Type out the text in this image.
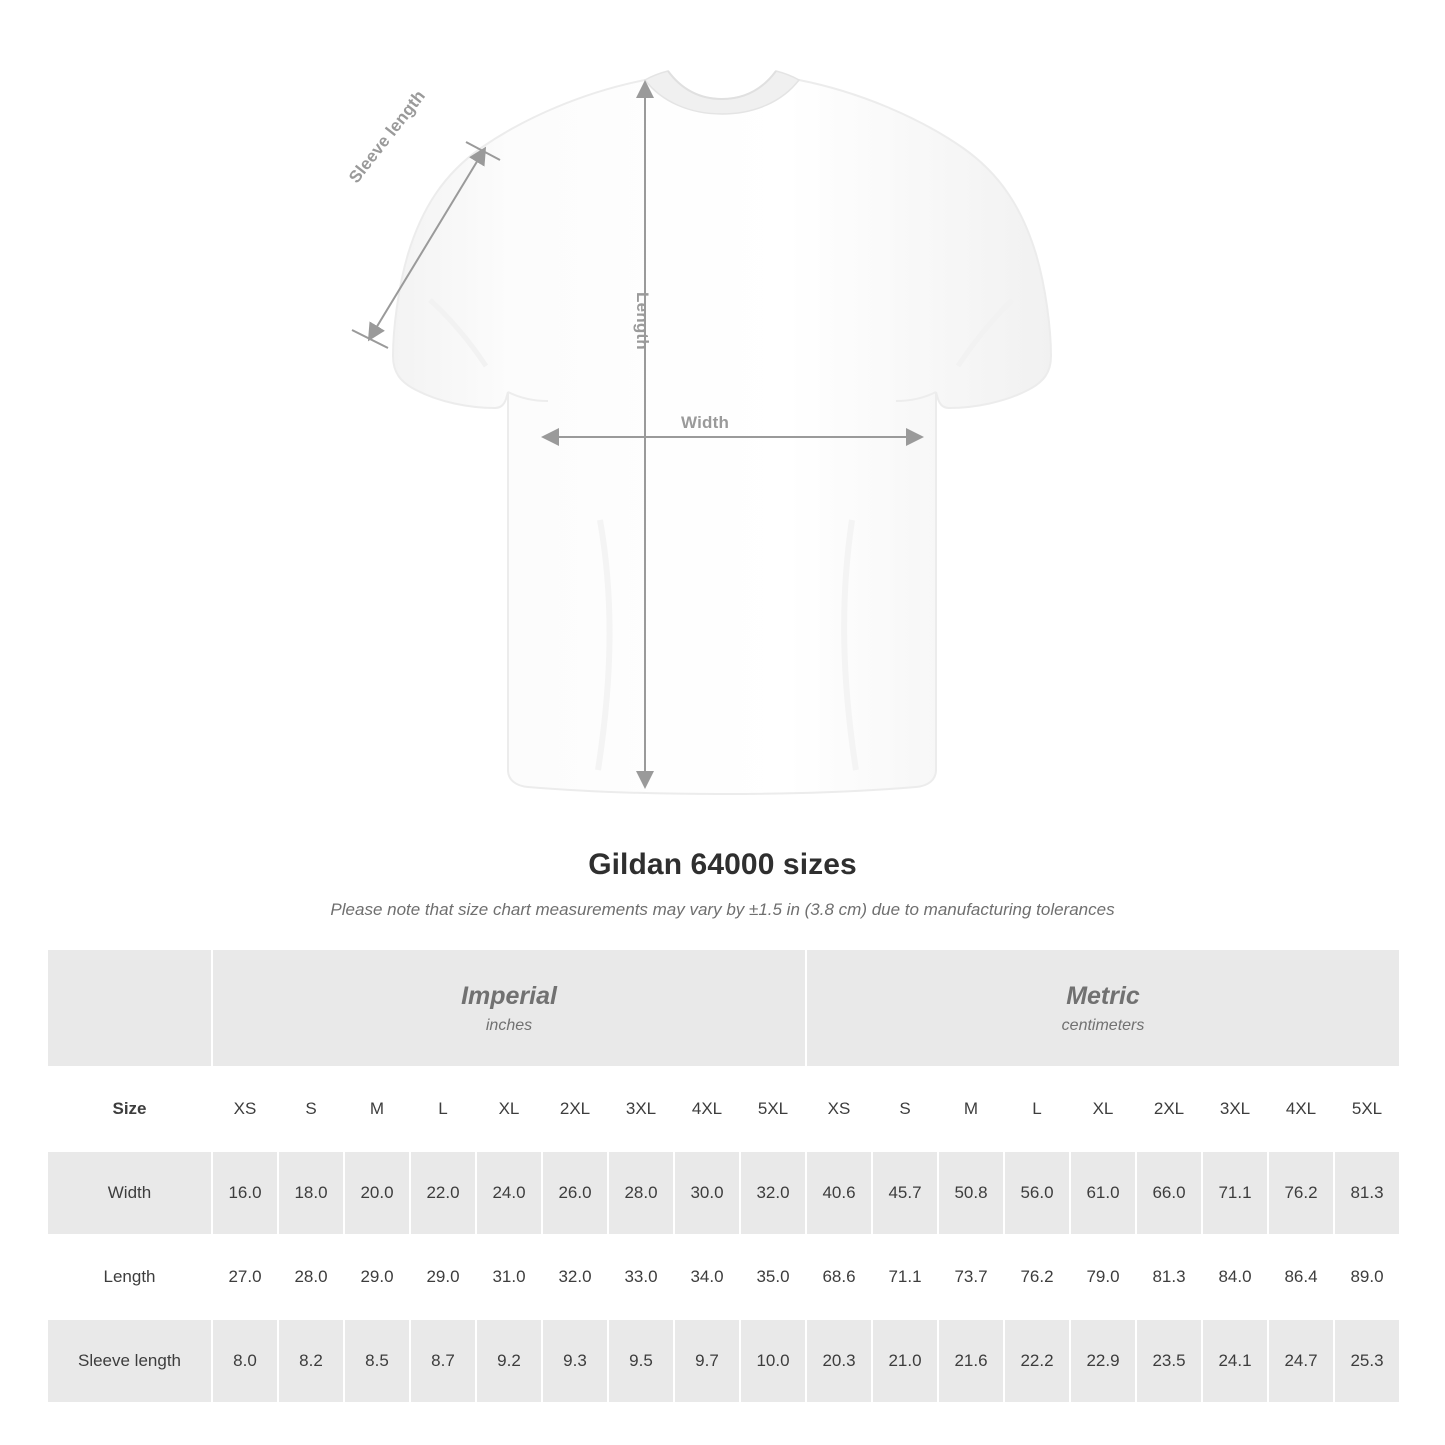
Sleeve length
Length
Width
Gildan 64000 sizes
Please note that size chart measurements may vary by ±1.5 in (3.8 cm) due to manufacturing tolerances

	Imperial
inches									Metric
centimeters								

Size	XS	S	M	L	XL	2XL	3XL	4XL	5XL	XS	S	M	L	XL	2XL	3XL	4XL	5XL
Width	16.0	18.0	20.0	22.0	24.0	26.0	28.0	30.0	32.0	40.6	45.7	50.8	56.0	61.0	66.0	71.1	76.2	81.3
Length	27.0	28.0	29.0	29.0	31.0	32.0	33.0	34.0	35.0	68.6	71.1	73.7	76.2	79.0	81.3	84.0	86.4	89.0
Sleeve length	8.0	8.2	8.5	8.7	9.2	9.3	9.5	9.7	10.0	20.3	21.0	21.6	22.2	22.9	23.5	24.1	24.7	25.3
